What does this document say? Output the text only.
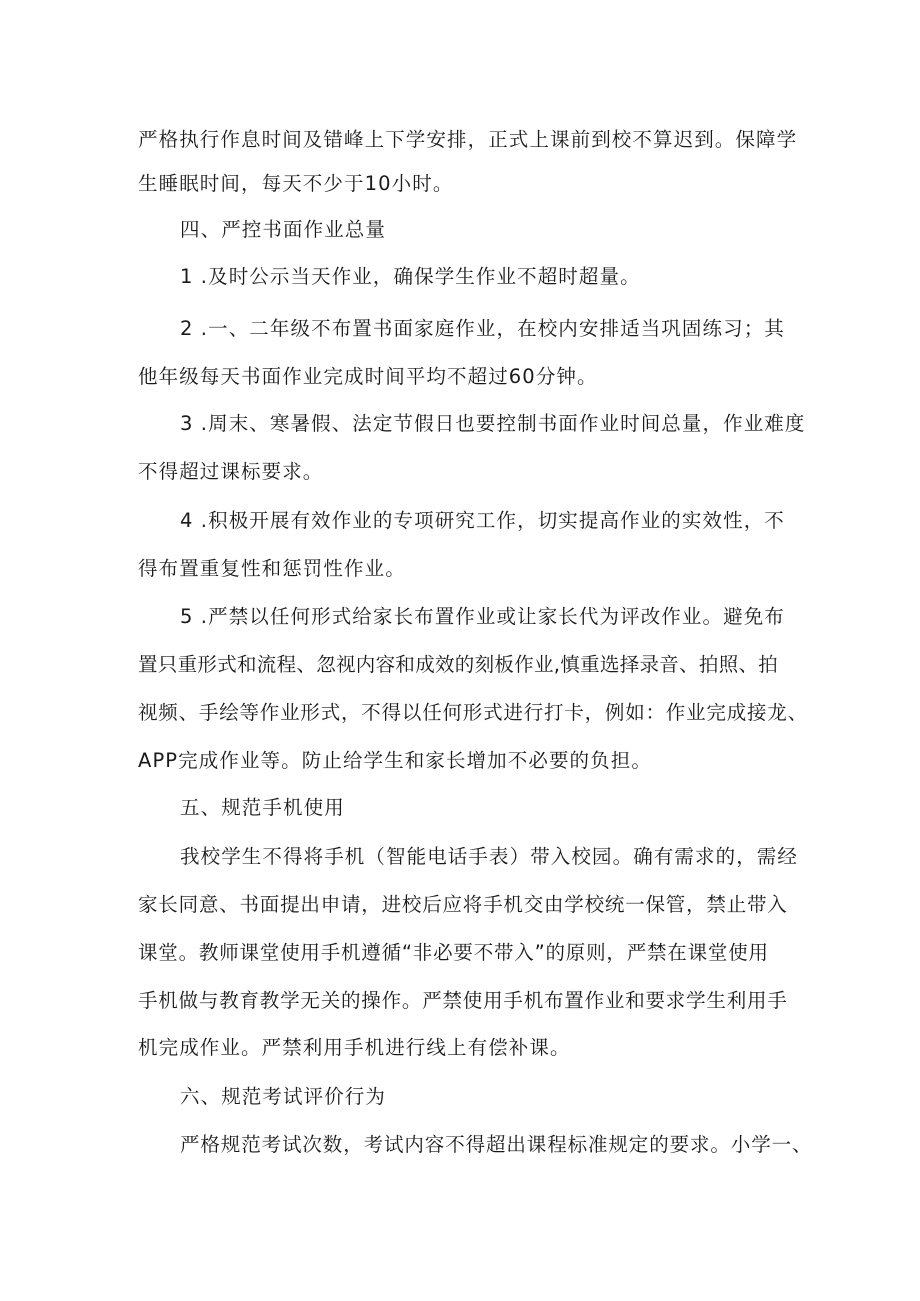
严格执行作息时间及错峰上下学安排，正式上课前到校不算迟到。保障学

生睡眠时间，每天不少于10小时。

四、严控书面作业总量

1 .及时公示当天作业，确保学生作业不超时超量。

2 .一、二年级不布置书面家庭作业，在校内安排适当巩固练习；其

他年级每天书面作业完成时间平均不超过60分钟。

3 .周末、寒暑假、法定节假日也要控制书面作业时间总量，作业难度

不得超过课标要求。

4 .积极开展有效作业的专项研究工作，切实提高作业的实效性，不

得布置重复性和惩罚性作业。

5 .严禁以任何形式给家长布置作业或让家长代为评改作业。避免布

置只重形式和流程、忽视内容和成效的刻板作业,慎重选择录音、拍照、拍

视频、手绘等作业形式，不得以任何形式进行打卡，例如：作业完成接龙、

APP完成作业等。防止给学生和家长增加不必要的负担。

五、规范手机使用

我校学生不得将手机（智能电话手表）带入校园。确有需求的，需经

家长同意、书面提出申请，进校后应将手机交由学校统一保管，禁止带入

课堂。教师课堂使用手机遵循“非必要不带入”的原则，严禁在课堂使用

手机做与教育教学无关的操作。严禁使用手机布置作业和要求学生利用手

机完成作业。严禁利用手机进行线上有偿补课。

六、规范考试评价行为

严格规范考试次数，考试内容不得超出课程标准规定的要求。小学一、
